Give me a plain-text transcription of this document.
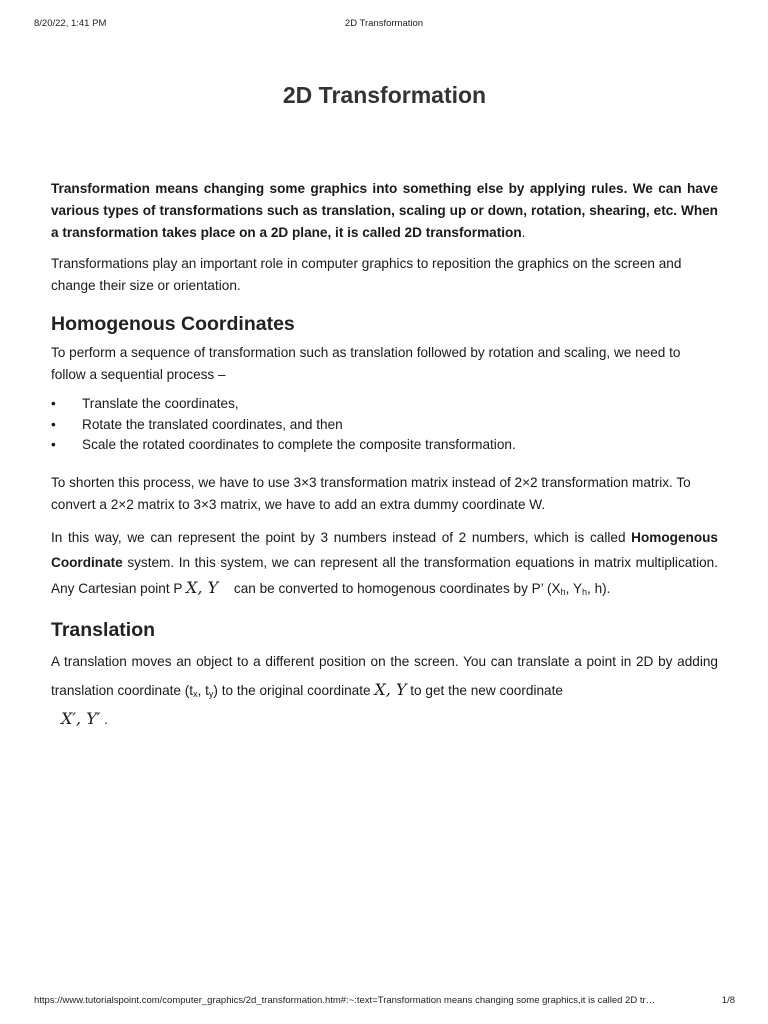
8/20/22, 1:41 PM	2D Transformation
2D Transformation

Transformation means changing some graphics into something else by applying rules. We can have various types of transformations such as translation, scaling up or down, rotation, shearing, etc. When a transformation takes place on a 2D plane, it is called 2D transformation.

Transformations play an important role in computer graphics to reposition the graphics on the screen and change their size or orientation.

Homogenous Coordinates

To perform a sequence of transformation such as translation followed by rotation and scaling, we need to follow a sequential process –

• Translate the coordinates,
• Rotate the translated coordinates, and then
• Scale the rotated coordinates to complete the composite transformation.

To shorten this process, we have to use 3×3 transformation matrix instead of 2×2 transformation matrix. To convert a 2×2 matrix to 3×3 matrix, we have to add an extra dummy coordinate W.

In this way, we can represent the point by 3 numbers instead of 2 numbers, which is called Homogenous Coordinate system. In this system, we can represent all the transformation equations in matrix multiplication. Any Cartesian point P X, Y can be converted to homogenous coordinates by P’ ($X_h$, $Y_h$, h).

Translation

A translation moves an object to a different position on the screen. You can translate a point in 2D by adding translation coordinate ($t_x$, $t_y$) to the original coordinate X, Y to get the new coordinate
X′, Y′ .

https://www.tutorialspoint.com/computer_graphics/2d_transformation.htm#:~:text=Transformation means changing some graphics,it is called 2D tr…	1/8
